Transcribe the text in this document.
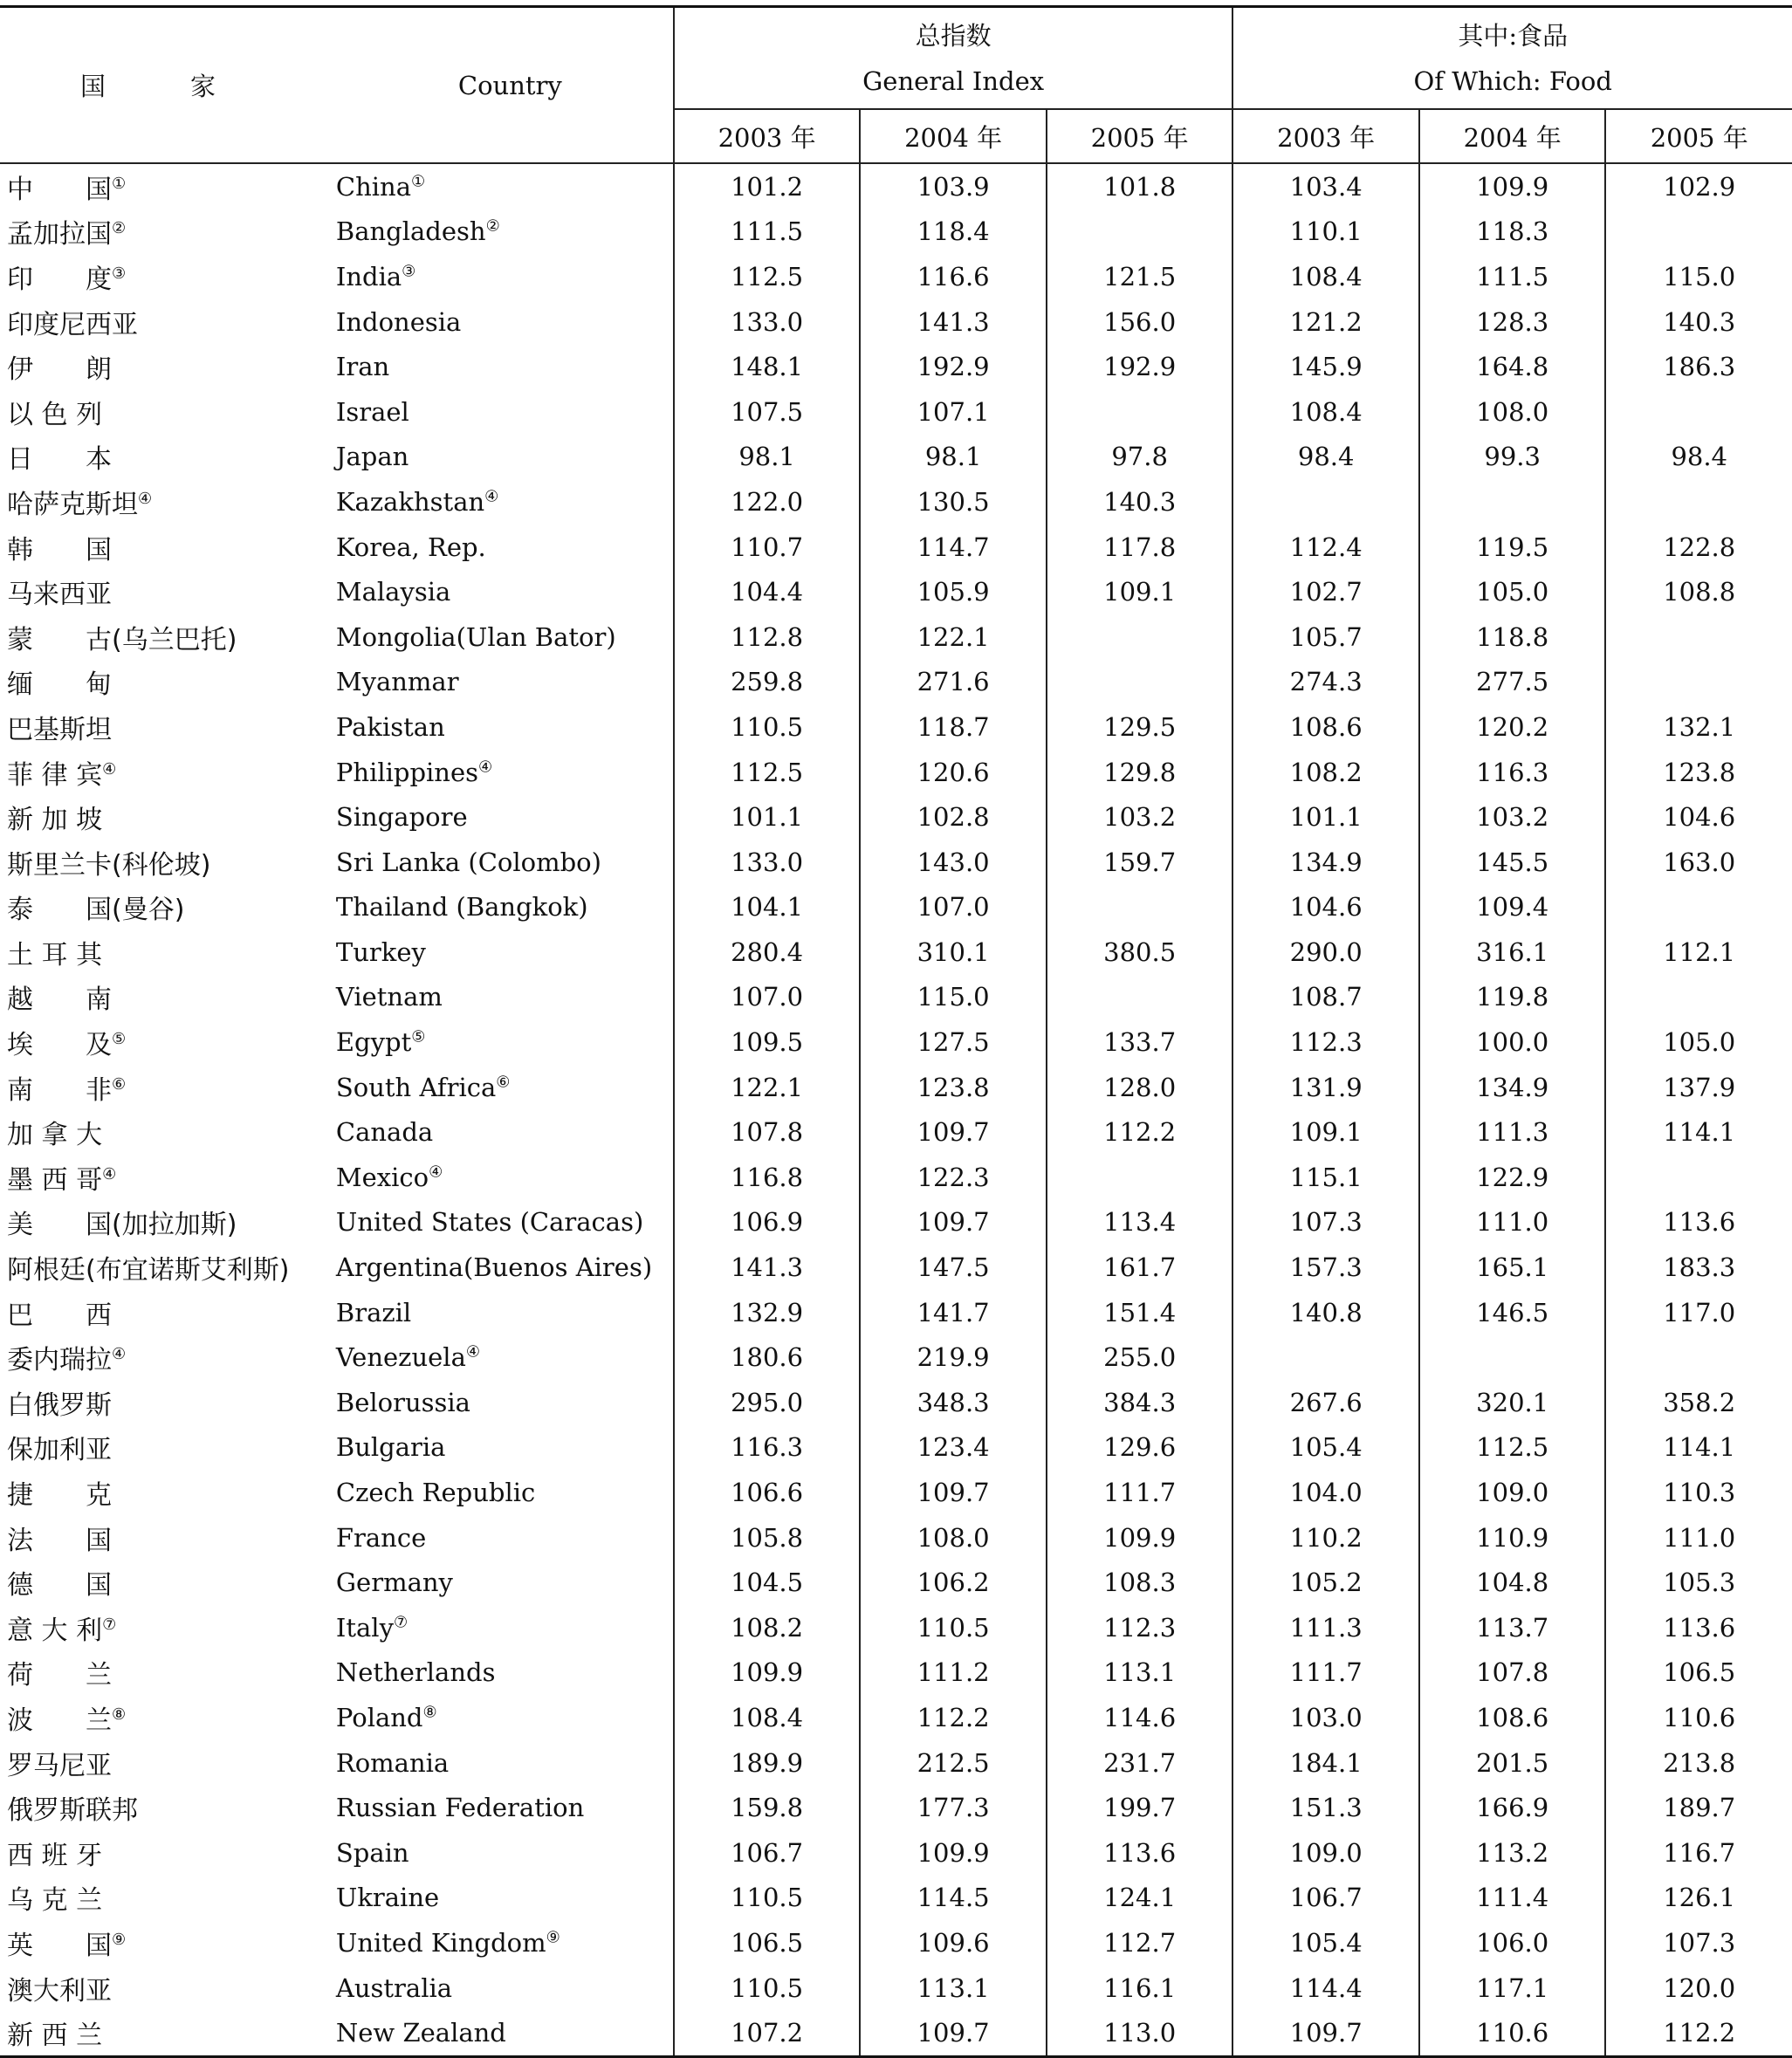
国　家	Country	总指数
General Index			其中:食品
Of Which: Food		

		2003 年	2004 年	2005 年	2003 年	2004 年	2005 年
中　　国①	China①	101.2	103.9	101.8	103.4	109.9	102.9
孟加拉国②	Bangladesh②	111.5	118.4		110.1	118.3	
印　　度③	India③	112.5	116.6	121.5	108.4	111.5	115.0
印度尼西亚	Indonesia	133.0	141.3	156.0	121.2	128.3	140.3
伊　　朗	Iran	148.1	192.9	192.9	145.9	164.8	186.3
以 色 列	Israel	107.5	107.1		108.4	108.0	
日　　本	Japan	98.1	98.1	97.8	98.4	99.3	98.4
哈萨克斯坦④	Kazakhstan④	122.0	130.5	140.3			
韩　　国	Korea, Rep.	110.7	114.7	117.8	112.4	119.5	122.8
马来西亚	Malaysia	104.4	105.9	109.1	102.7	105.0	108.8
蒙　　古(乌兰巴托)	Mongolia(Ulan Bator)	112.8	122.1		105.7	118.8	
缅　　甸	Myanmar	259.8	271.6		274.3	277.5	
巴基斯坦	Pakistan	110.5	118.7	129.5	108.6	120.2	132.1
菲 律 宾④	Philippines④	112.5	120.6	129.8	108.2	116.3	123.8
新 加 坡	Singapore	101.1	102.8	103.2	101.1	103.2	104.6
斯里兰卡(科伦坡)	Sri Lanka (Colombo)	133.0	143.0	159.7	134.9	145.5	163.0
泰　　国(曼谷)	Thailand (Bangkok)	104.1	107.0		104.6	109.4	
土 耳 其	Turkey	280.4	310.1	380.5	290.0	316.1	112.1
越　　南	Vietnam	107.0	115.0		108.7	119.8	
埃　　及⑤	Egypt⑤	109.5	127.5	133.7	112.3	100.0	105.0
南　　非⑥	South Africa⑥	122.1	123.8	128.0	131.9	134.9	137.9
加 拿 大	Canada	107.8	109.7	112.2	109.1	111.3	114.1
墨 西 哥④	Mexico④	116.8	122.3		115.1	122.9	
美　　国(加拉加斯)	United States (Caracas)	106.9	109.7	113.4	107.3	111.0	113.6
阿根廷(布宜诺斯艾利斯)	Argentina(Buenos Aires)	141.3	147.5	161.7	157.3	165.1	183.3
巴　　西	Brazil	132.9	141.7	151.4	140.8	146.5	117.0
委内瑞拉④	Venezuela④	180.6	219.9	255.0			
白俄罗斯	Belorussia	295.0	348.3	384.3	267.6	320.1	358.2
保加利亚	Bulgaria	116.3	123.4	129.6	105.4	112.5	114.1
捷　　克	Czech Republic	106.6	109.7	111.7	104.0	109.0	110.3
法　　国	France	105.8	108.0	109.9	110.2	110.9	111.0
德　　国	Germany	104.5	106.2	108.3	105.2	104.8	105.3
意 大 利⑦	Italy⑦	108.2	110.5	112.3	111.3	113.7	113.6
荷　　兰	Netherlands	109.9	111.2	113.1	111.7	107.8	106.5
波　　兰⑧	Poland⑧	108.4	112.2	114.6	103.0	108.6	110.6
罗马尼亚	Romania	189.9	212.5	231.7	184.1	201.5	213.8
俄罗斯联邦	Russian Federation	159.8	177.3	199.7	151.3	166.9	189.7
西 班 牙	Spain	106.7	109.9	113.6	109.0	113.2	116.7
乌 克 兰	Ukraine	110.5	114.5	124.1	106.7	111.4	126.1
英　　国⑨	United Kingdom⑨	106.5	109.6	112.7	105.4	106.0	107.3
澳大利亚	Australia	110.5	113.1	116.1	114.4	117.1	120.0
新 西 兰	New Zealand	107.2	109.7	113.0	109.7	110.6	112.2
